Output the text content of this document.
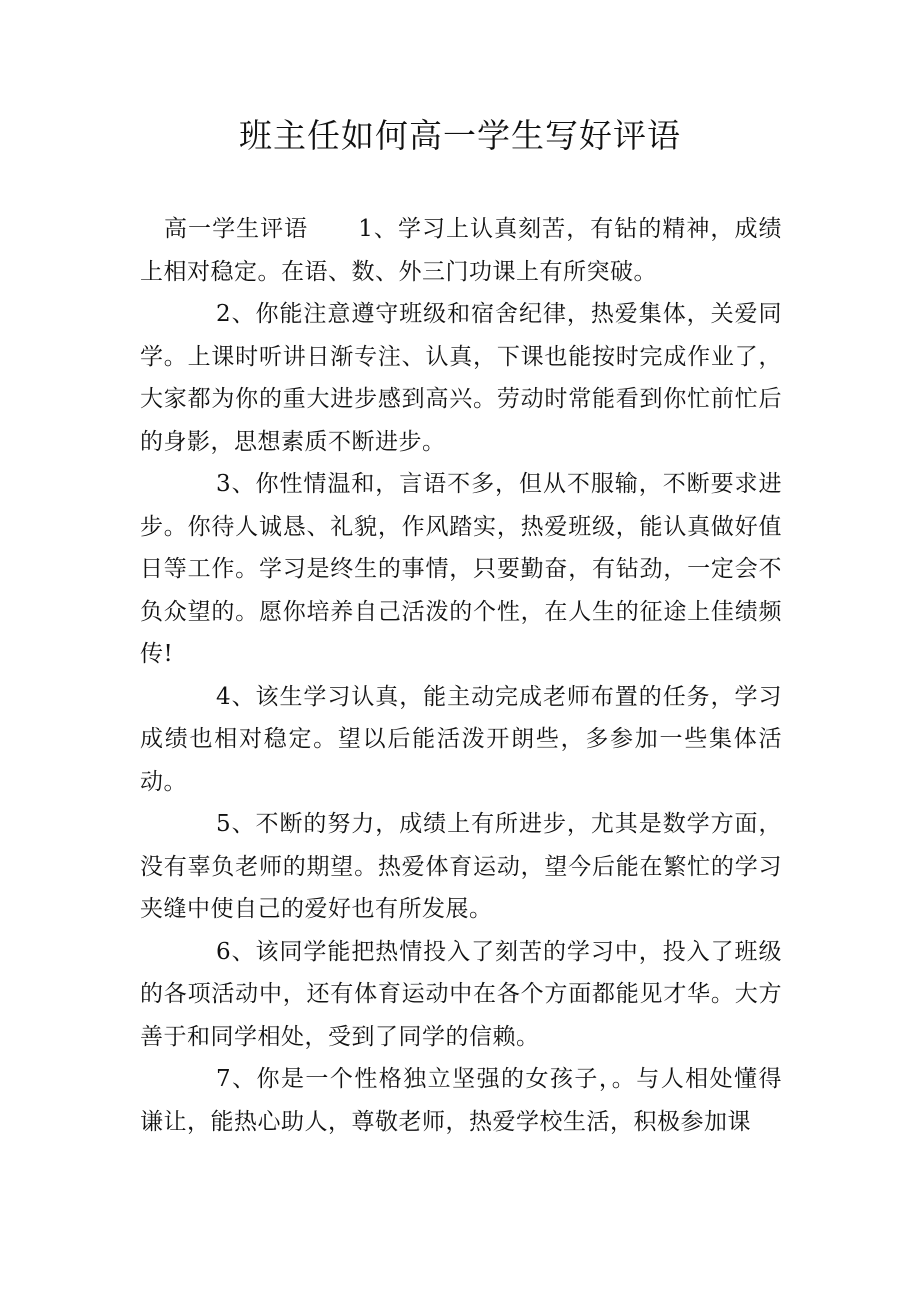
班主任如何高一学生写好评语

高一学生评语 1、学习上认真刻苦，有钻的精神，成绩上相对稳定。在语、数、外三门功课上有所突破。

2、你能注意遵守班级和宿舍纪律，热爱集体，关爱同学。上课时听讲日渐专注、认真，下课也能按时完成作业了，大家都为你的重大进步感到高兴。劳动时常能看到你忙前忙后的身影，思想素质不断进步。

3、你性情温和，言语不多，但从不服输，不断要求进步。你待人诚恳、礼貌，作风踏实，热爱班级，能认真做好值日等工作。学习是终生的事情，只要勤奋，有钻劲，一定会不负众望的。愿你培养自己活泼的个性，在人生的征途上佳绩频传!

4、该生学习认真，能主动完成老师布置的任务，学习成绩也相对稳定。望以后能活泼开朗些，多参加一些集体活动。

5、不断的努力，成绩上有所进步，尤其是数学方面，没有辜负老师的期望。热爱体育运动，望今后能在繁忙的学习夹缝中使自己的爱好也有所发展。

6、该同学能把热情投入了刻苦的学习中，投入了班级的各项活动中，还有体育运动中在各个方面都能见才华。大方善于和同学相处，受到了同学的信赖。

7、你是一个性格独立坚强的女孩子，。与人相处懂得谦让，能热心助人，尊敬老师，热爱学校生活，积极参加课
